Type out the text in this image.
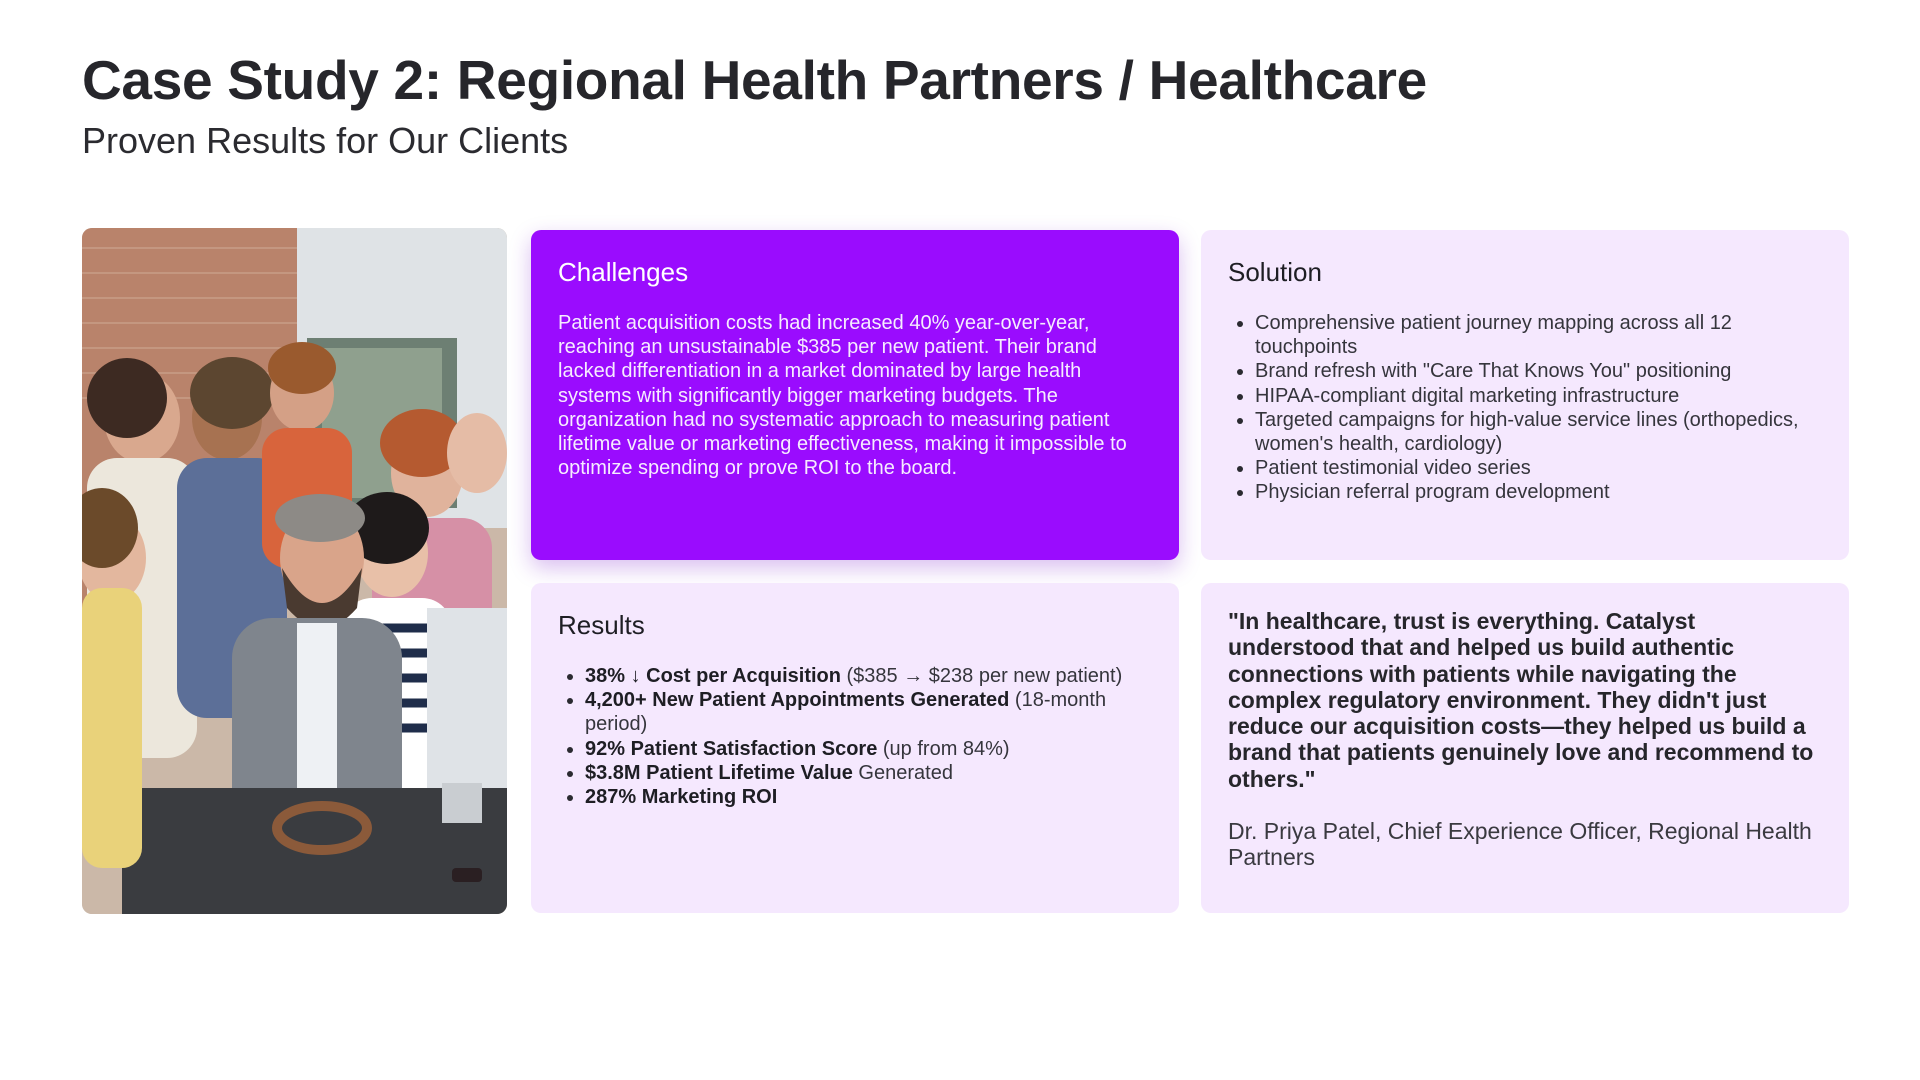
Case Study 2: Regional Health Partners / Healthcare
Proven Results for Our Clients
Challenges

Patient acquisition costs had increased 40% year-over-year, reaching an unsustainable $385 per new patient. Their brand lacked differentiation in a market dominated by large health systems with significantly bigger marketing budgets. The organization had no systematic approach to measuring patient lifetime value or marketing effectiveness, making it impossible to optimize spending or prove ROI to the board.

Solution
• Comprehensive patient journey mapping across all 12 touchpoints
• Brand refresh with "Care That Knows You" positioning
• HIPAA-compliant digital marketing infrastructure
• Targeted campaigns for high-value service lines (orthopedics, women's health, cardiology)
• Patient testimonial video series
• Physician referral program development
Results
• 38% ↓ Cost per Acquisition ($385 → $238 per new patient)
• 4,200+ New Patient Appointments Generated (18-month period)
• 92% Patient Satisfaction Score (up from 84%)
• $3.8M Patient Lifetime Value Generated
• 287% Marketing ROI

"In healthcare, trust is everything. Catalyst understood that and helped us build authentic connections with patients while navigating the complex regulatory environment. They didn't just reduce our acquisition costs—they helped us build a brand that patients genuinely love and recommend to others."

Dr. Priya Patel, Chief Experience Officer, Regional Health Partners
